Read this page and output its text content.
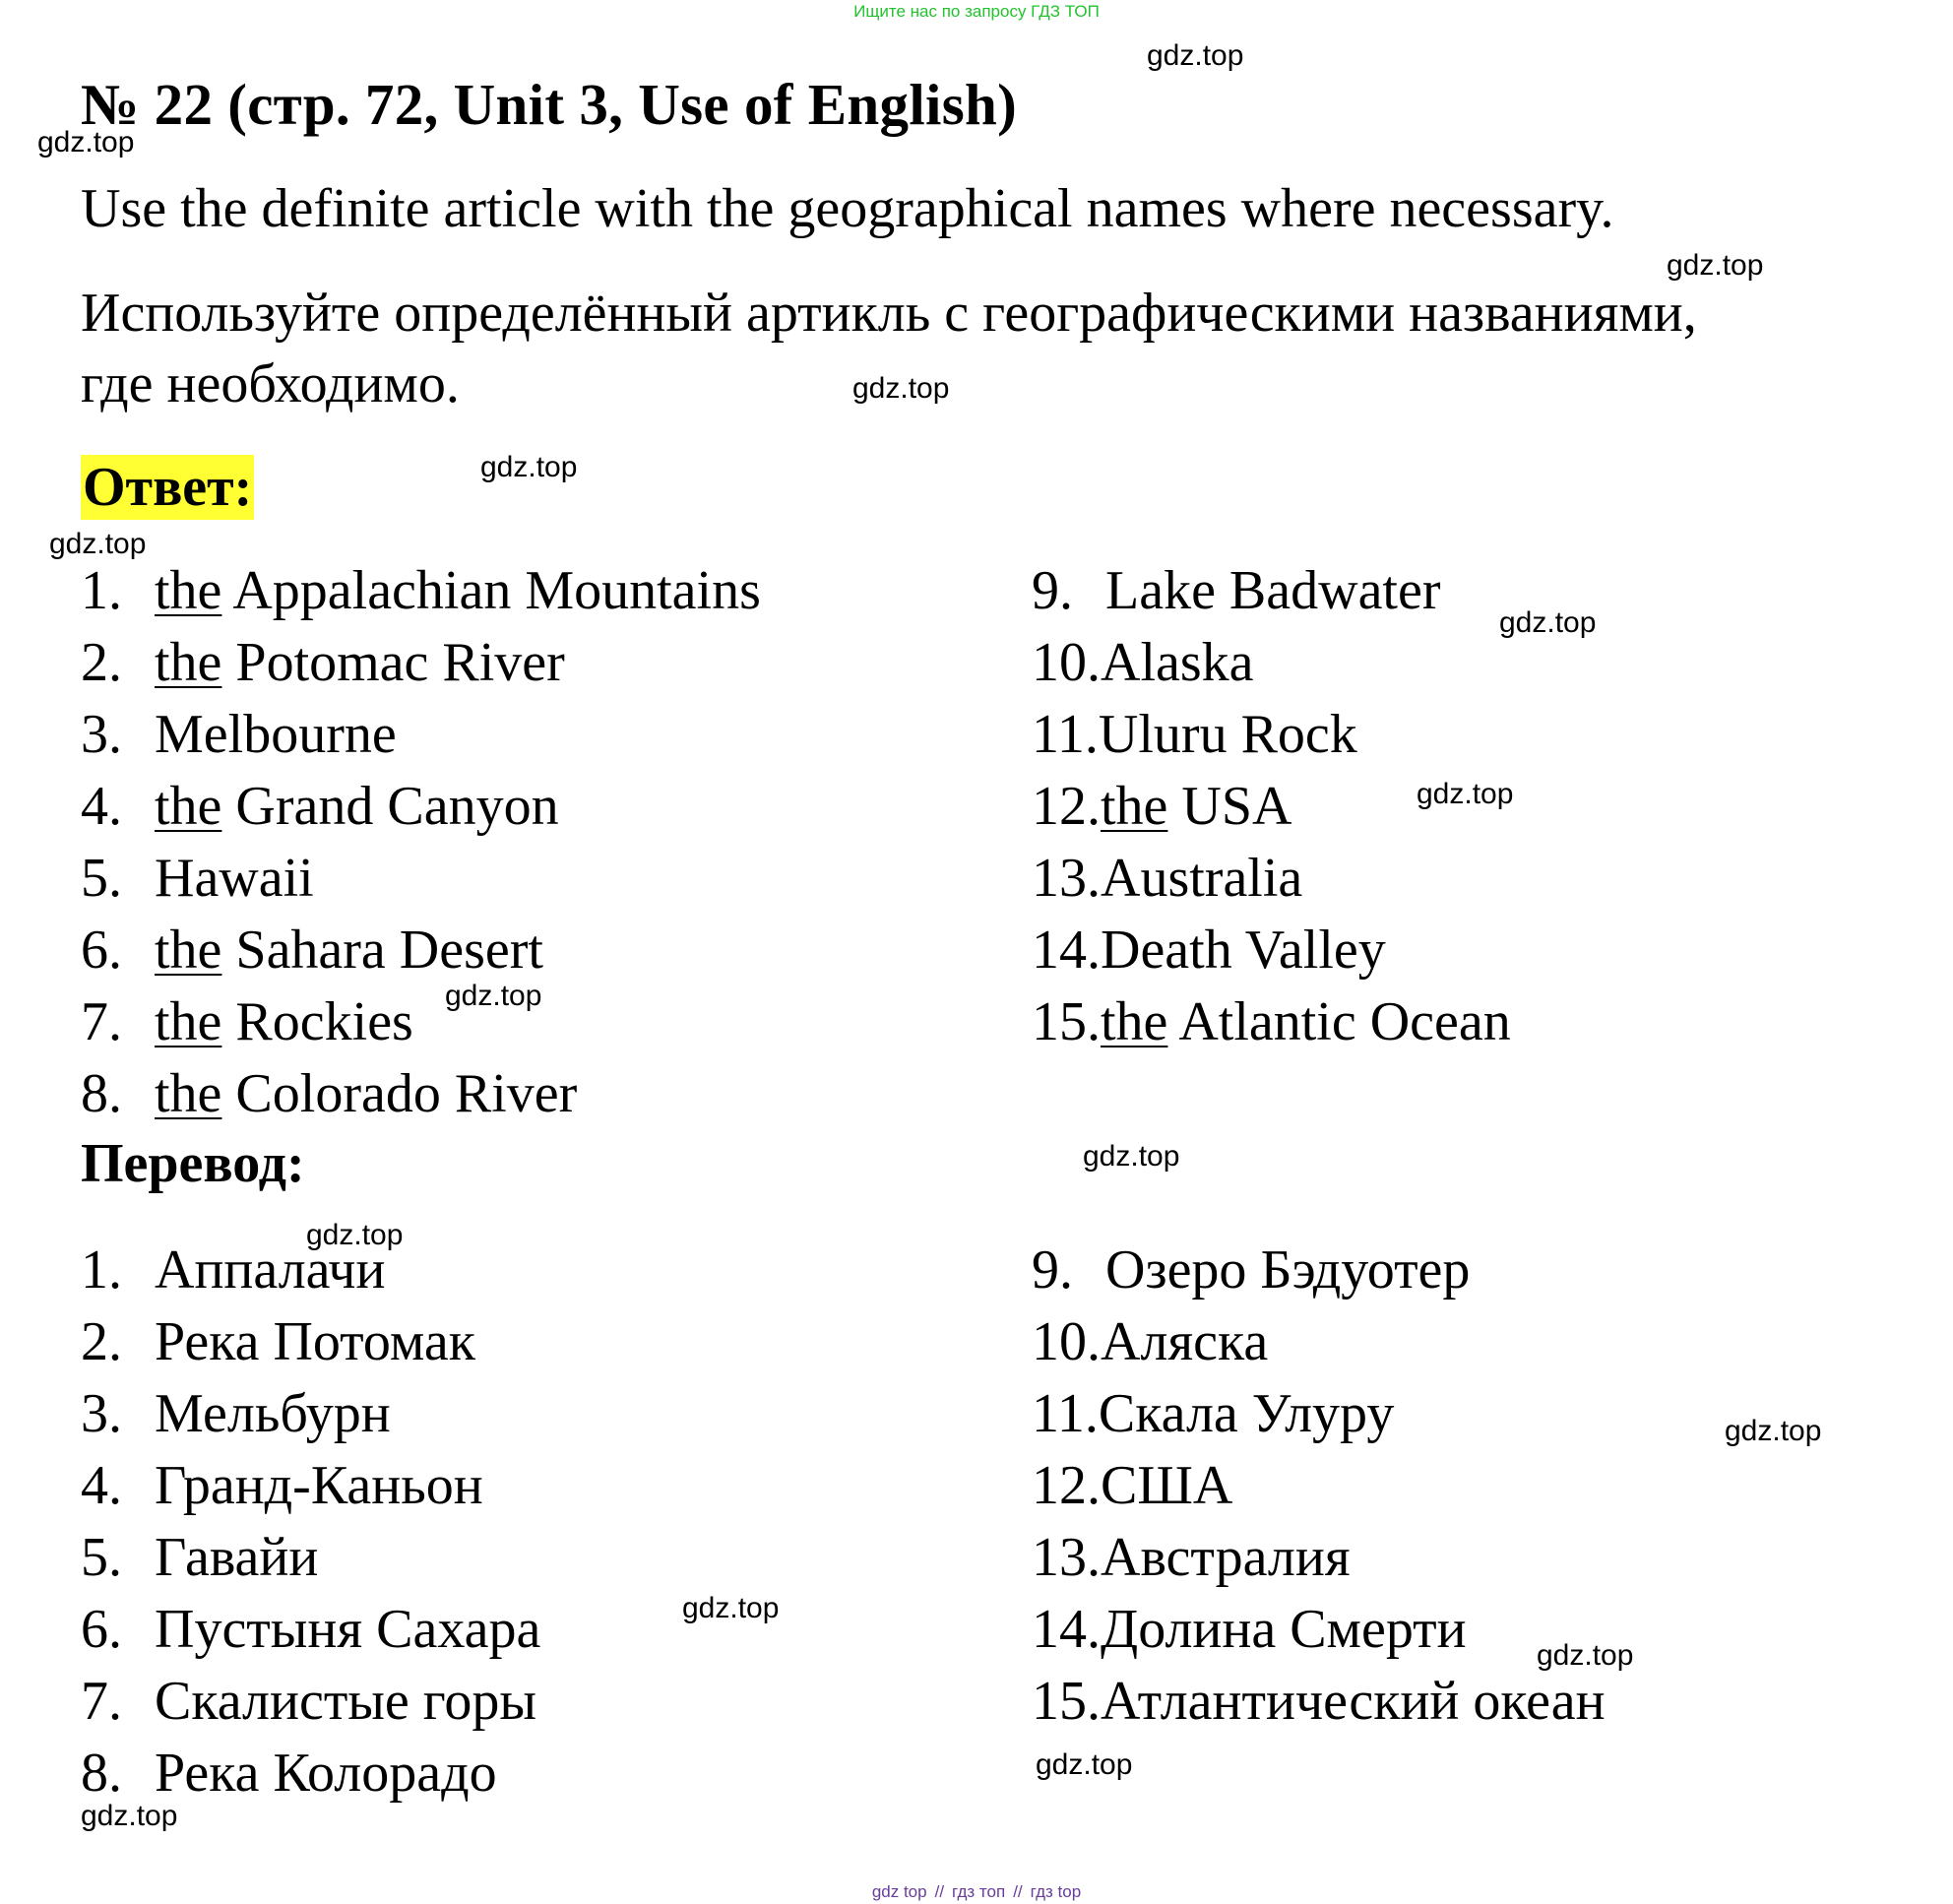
Ищите нас по запросу ГДЗ ТОП
№ 22 (стр. 72, Unit 3, Use of English)
Use the definite article with the geographical names where necessary.
Используйте определённый артикль с географическими названиями,
где необходимо.
Ответ:
1. the Appalachian Mountains
2. the Potomac River
3. Melbourne
4. the Grand Canyon
5. Hawaii
6. the Sahara Desert
7. the Rockies
8. the Colorado River
9. Lake Badwater
10.Alaska
11.Uluru Rock
12.the USA
13.Australia
14.Death Valley
15.the Atlantic Ocean
Перевод:
1. Аппалачи
2. Река Потомак
3. Мельбурн
4. Гранд-Каньон
5. Гавайи
6. Пустыня Сахара
7. Скалистые горы
8. Река Колорадо
9. Озеро Бэдуотер
10.Аляска
11.Скала Улуру
12.США
13.Австралия
14.Долина Смерти
15.Атлантический океан
gdz.top
gdz.top
gdz.top
gdz.top
gdz.top
gdz.top
gdz.top
gdz.top
gdz.top
gdz.top
gdz.top
gdz.top
gdz.top
gdz.top
gdz.top
gdz.top
gdz top // гдз топ // гдз top
